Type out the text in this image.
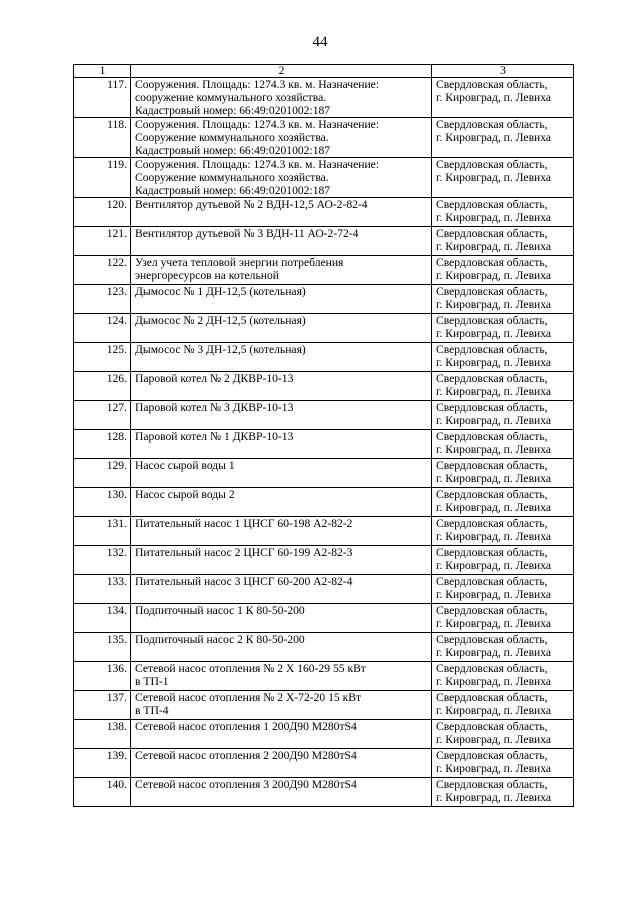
44
1	2	3
117.	Сооружения. Площадь: 1274.3 кв. м. Назначение:
сооружение коммунального хозяйства.
Кадастровый номер: 66:49:0201002:187	Свердловская область,
г. Кировград, п. Левиха

118.	Сооружения. Площадь: 1274.3 кв. м. Назначение:
Сооружение коммунального хозяйства.
Кадастровый номер: 66:49:0201002:187	Свердловская область,
г. Кировград, п. Левиха

119.	Сооружения. Площадь: 1274.3 кв. м. Назначение:
Сооружение коммунального хозяйства.
Кадастровый номер: 66:49:0201002:187	Свердловская область,
г. Кировград, п. Левиха

120.	Вентилятор дутьевой № 2 ВДН-12,5 АО-2-82-4	Свердловская область,
г. Кировград, п. Левиха

121.	Вентилятор дутьевой № 3 ВДН-11 АО-2-72-4	Свердловская область,
г. Кировград, п. Левиха

122.	Узел учета тепловой энергии потребления
энергоресурсов на котельной	Свердловская область,
г. Кировград, п. Левиха

123.	Дымосос № 1 ДН-12,5 (котельная)	Свердловская область,
г. Кировград, п. Левиха

124.	Дымосос № 2 ДН-12,5 (котельная)	Свердловская область,
г. Кировград, п. Левиха

125.	Дымосос № 3 ДН-12,5 (котельная)	Свердловская область,
г. Кировград, п. Левиха

126.	Паровой котел № 2 ДКВР-10-13	Свердловская область,
г. Кировград, п. Левиха

127.	Паровой котел № 3 ДКВР-10-13	Свердловская область,
г. Кировград, п. Левиха

128.	Паровой котел № 1 ДКВР-10-13	Свердловская область,
г. Кировград, п. Левиха

129.	Насос сырой воды 1	Свердловская область,
г. Кировград, п. Левиха

130.	Насос сырой воды 2	Свердловская область,
г. Кировград, п. Левиха

131.	Питательный насос 1 ЦНСГ 60-198 А2-82-2	Свердловская область,
г. Кировград, п. Левиха

132.	Питательный насос 2 ЦНСГ 60-199 А2-82-3	Свердловская область,
г. Кировград, п. Левиха

133.	Питательный насос 3 ЦНСГ 60-200 А2-82-4	Свердловская область,
г. Кировград, п. Левиха

134.	Подпиточный насос 1 К 80-50-200	Свердловская область,
г. Кировград, п. Левиха

135.	Подпиточный насос 2 К 80-50-200	Свердловская область,
г. Кировград, п. Левиха

136.	Сетевой насос отопления № 2 Х 160-29 55 кВт
в ТП-1	Свердловская область,
г. Кировград, п. Левиха

137.	Сетевой насос отопления № 2 Х-72-20 15 кВт
в ТП-4	Свердловская область,
г. Кировград, п. Левиха

138.	Сетевой насос отопления 1 200Д90 М280тS4	Свердловская область,
г. Кировград, п. Левиха

139.	Сетевой насос отопления 2 200Д90 М280тS4	Свердловская область,
г. Кировград, п. Левиха

140.	Сетевой насос отопления 3 200Д90 М280тS4	Свердловская область,
г. Кировград, п. Левиха
